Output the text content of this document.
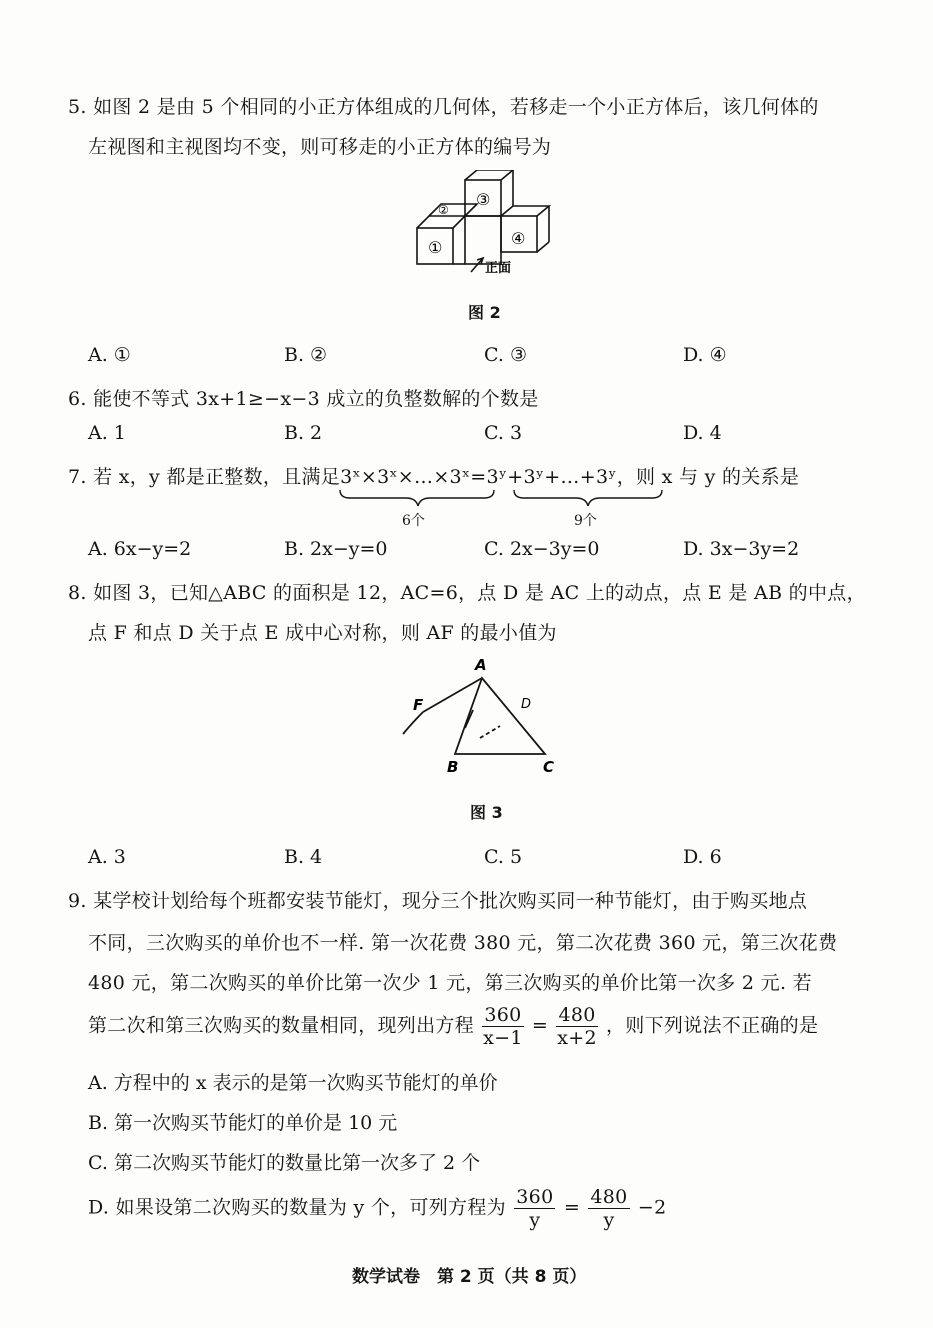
5. 如图 2 是由 5 个相同的小正方体组成的几何体，若移走一个小正方体后，该几何体的
左视图和主视图均不变，则可移走的小正方体的编号为
①
②
③
④
正面
图 2
A. ①	B. ②	C. ③	D. ④
6. 能使不等式 3x+1≥−x−3 成立的负整数解的个数是
A. 1	B. 2	C. 3	D. 4
7. 若 x，y 都是正整数，且满足3ˣ×3ˣ×…×3ˣ=3ʸ+3ʸ+…+3ʸ，则 x 与 y 的关系是
6个	9个
A. 6x−y=2	B. 2x−y=0	C. 2x−3y=0	D. 3x−3y=2
8. 如图 3，已知△ABC 的面积是 12，AC=6，点 D 是 AC 上的动点，点 E 是 AB 的中点，
点 F 和点 D 关于点 E 成中心对称，则 AF 的最小值为
A
B	C
D
F
图 3
A. 3	B. 4	C. 5	D. 6
9. 某学校计划给每个班都安装节能灯，现分三个批次购买同一种节能灯，由于购买地点
不同，三次购买的单价也不一样. 第一次花费 380 元，第二次花费 360 元，第三次花费
480 元，第二次购买的单价比第一次少 1 元，第三次购买的单价比第一次多 2 元. 若
第二次和第三次购买的数量相同，现列出方程 $\frac{360}{x-1} = \frac{480}{x+2}$ ，则下列说法不正确的是
A. 方程中的 x 表示的是第一次购买节能灯的单价
B. 第一次购买节能灯的单价是 10 元
C. 第二次购买节能灯的数量比第一次多了 2 个
D. 如果设第二次购买的数量为 y 个，可列方程为 $\frac{360}{y} = \frac{480}{y} -2$
数学试卷　第 2 页（共 8 页）
